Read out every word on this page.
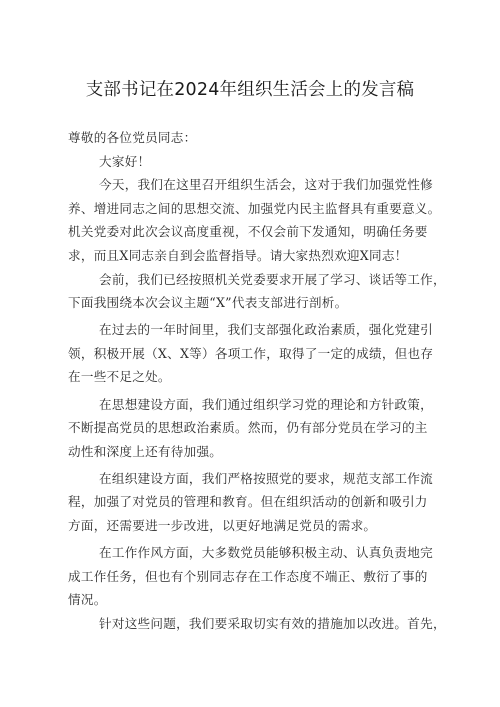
支部书记在2024年组织生活会上的发言稿
尊敬的各位党员同志：
大家好！
今天，我们在这里召开组织生活会，这对于我们加强党性修
养、增进同志之间的思想交流、加强党内民主监督具有重要意义。
机关党委对此次会议高度重视，不仅会前下发通知，明确任务要
求，而且X同志亲自到会监督指导。请大家热烈欢迎X同志！
会前，我们已经按照机关党委要求开展了学习、谈话等工作，
下面我围绕本次会议主题“X”代表支部进行剖析。
在过去的一年时间里，我们支部强化政治素质，强化党建引
领，积极开展（X、X等）各项工作，取得了一定的成绩，但也存
在一些不足之处。
在思想建设方面，我们通过组织学习党的理论和方针政策，
不断提高党员的思想政治素质。然而，仍有部分党员在学习的主
动性和深度上还有待加强。
在组织建设方面，我们严格按照党的要求，规范支部工作流
程，加强了对党员的管理和教育。但在组织活动的创新和吸引力
方面，还需要进一步改进，以更好地满足党员的需求。
在工作作风方面，大多数党员能够积极主动、认真负责地完
成工作任务，但也有个别同志存在工作态度不端正、敷衍了事的
情况。
针对这些问题，我们要采取切实有效的措施加以改进。首先，
